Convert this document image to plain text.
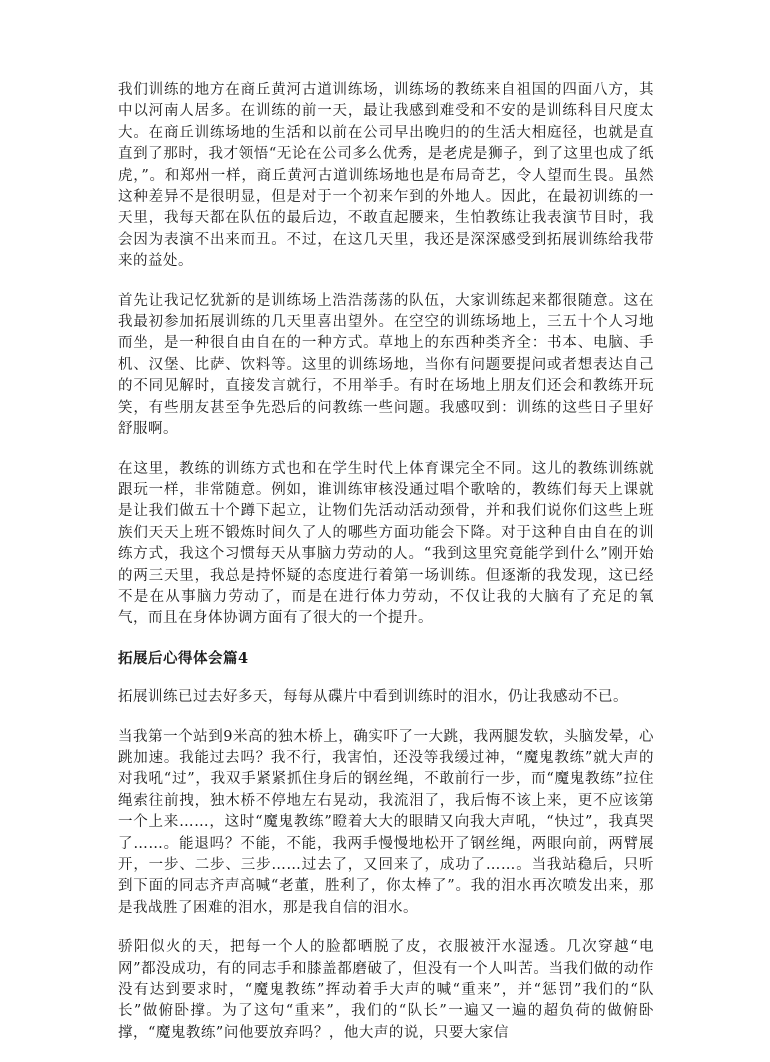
我们训练的地方在商丘黄河古道训练场，训练场的教练来自祖国的四面八方，其中以河南人居多。在训练的前一天，最让我感到难受和不安的是训练科目尺度太大。在商丘训练场地的生活和以前在公司早出晚归的的生活大相庭径，也就是直直到了那时，我才领悟“无论在公司多么优秀，是老虎是狮子，到了这里也成了纸虎，”。和郑州一样，商丘黄河古道训练场地也是布局奇艺，令人望而生畏。虽然这种差异不是很明显，但是对于一个初来乍到的外地人。因此，在最初训练的一天里，我每天都在队伍的最后边，不敢直起腰来，生怕教练让我表演节目时，我会因为表演不出来而丑。不过，在这几天里，我还是深深感受到拓展训练给我带来的益处。

首先让我记忆犹新的是训练场上浩浩荡荡的队伍，大家训练起来都很随意。这在我最初参加拓展训练的几天里喜出望外。在空空的训练场地上，三五十个人习地而坐，是一种很自由自在的一种方式。草地上的东西种类齐全：书本、电脑、手机、汉堡、比萨、饮料等。这里的训练场地，当你有问题要提问或者想表达自己的不同见解时，直接发言就行，不用举手。有时在场地上朋友们还会和教练开玩笑，有些朋友甚至争先恐后的问教练一些问题。我感叹到：训练的这些日子里好舒服啊。

在这里，教练的训练方式也和在学生时代上体育课完全不同。这儿的教练训练就跟玩一样，非常随意。例如，谁训练审核没通过唱个歌啥的，教练们每天上课就是让我们做五十个蹲下起立，让物们先活动活动颈骨，并和我们说你们这些上班族们天天上班不锻炼时间久了人的哪些方面功能会下降。对于这种自由自在的训练方式，我这个习惯每天从事脑力劳动的人。“我到这里究竟能学到什么”刚开始的两三天里，我总是持怀疑的态度进行着第一场训练。但逐渐的我发现，这已经不是在从事脑力劳动了，而是在进行体力劳动，不仅让我的大脑有了充足的氧气，而且在身体协调方面有了很大的一个提升。

拓展后心得体会篇4

拓展训练已过去好多天，每每从碟片中看到训练时的泪水，仍让我感动不已。

当我第一个站到9米高的独木桥上，确实吓了一大跳，我两腿发软，头脑发晕，心跳加速。我能过去吗？我不行，我害怕，还没等我缓过神，“魔鬼教练”就大声的对我吼“过”，我双手紧紧抓住身后的钢丝绳，不敢前行一步，而“魔鬼教练”拉住绳索往前拽，独木桥不停地左右晃动，我流泪了，我后悔不该上来，更不应该第一个上来……，这时“魔鬼教练”瞪着大大的眼睛又向我大声吼，“快过”，我真哭了……。能退吗？不能，不能，我两手慢慢地松开了钢丝绳，两眼向前，两臂展开，一步、二步、三步……过去了，又回来了，成功了……。当我站稳后，只听到下面的同志齐声高喊“老董，胜利了，你太棒了”。我的泪水再次喷发出来，那是我战胜了困难的泪水，那是我自信的泪水。

骄阳似火的天，把每一个人的脸都晒脱了皮，衣服被汗水湿透。几次穿越“电网”都没成功，有的同志手和膝盖都磨破了，但没有一个人叫苦。当我们做的动作没有达到要求时，“魔鬼教练”挥动着手大声的喊“重来”，并“惩罚”我们的“队长”做俯卧撑。为了这句“重来”，我们的“队长”一遍又一遍的超负荷的做俯卧撑，“魔鬼教练”问他要放弃吗？，他大声的说，只要大家信
